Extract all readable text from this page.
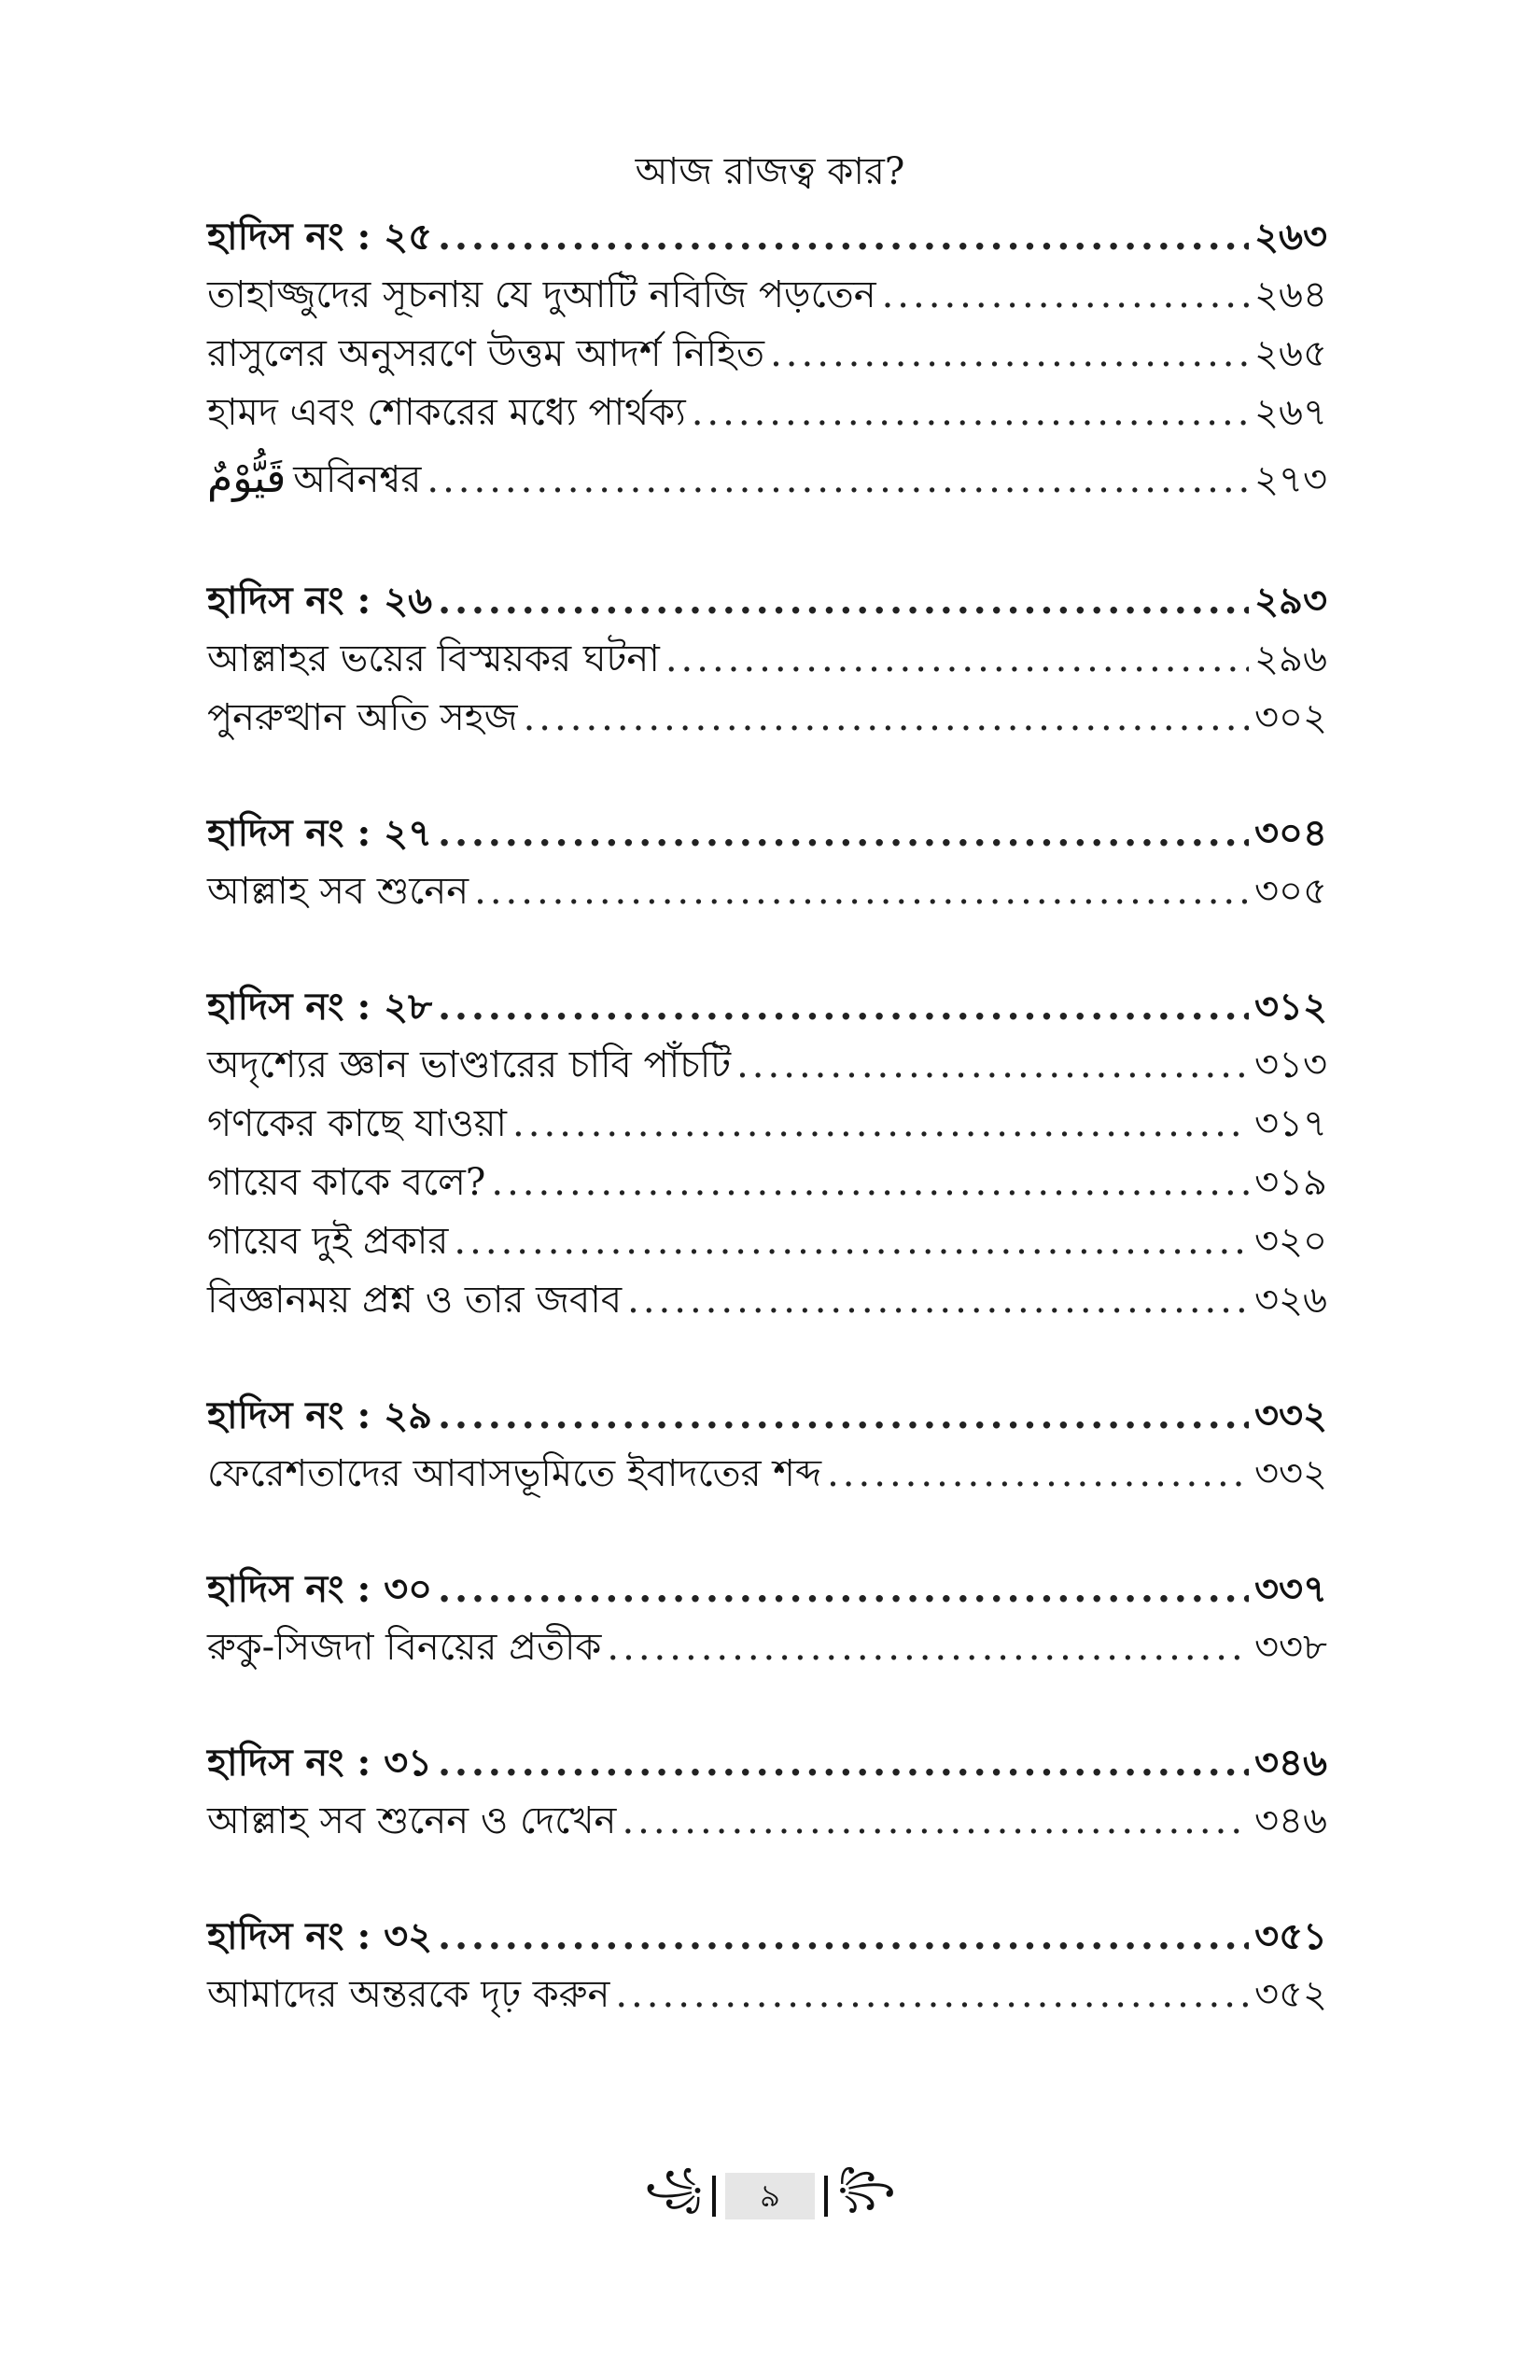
আজ রাজত্ব কার?
হাদিস নং : ২৫ .....	২৬৩
তাহাজ্জুদের সূচনায় যে দুআটি নবিজি পড়তেন .....	২৬৪
রাসুলের অনুসরণে উত্তম আদর্শ নিহিত .....	২৬৫
হামদ এবং শোকরের মধ্যে পার্থক্য .....	২৬৭
قَيُّوْمٌ অবিনশ্বর .....	২৭৩
হাদিস নং : ২৬ .....	২৯৩
আল্লাহর ভয়ের বিস্ময়কর ঘটনা .....	২৯৬
পুনরুত্থান অতি সহজ .....	৩০২
হাদিস নং : ২৭ .....	৩০৪
আল্লাহ সব শুনেন .....	৩০৫
হাদিস নং : ২৮ .....	৩১২
অদৃশ্যের জ্ঞান ভাণ্ডারের চাবি পাঁচটি .....	৩১৩
গণকের কাছে যাওয়া .....	৩১৭
গায়েব কাকে বলে? .....	৩১৯
গায়েব দুই প্রকার .....	৩২০
বিজ্ঞানময় প্রশ্ন ও তার জবাব .....	৩২৬
হাদিস নং : ২৯ .....	৩৩২
ফেরেশতাদের আবাসভূমিতে ইবাদতের শব্দ .....	৩৩২
হাদিস নং : ৩০ .....	৩৩৭
রুকু-সিজদা বিনয়ের প্রতীক .....	৩৩৮
হাদিস নং : ৩১ .....	৩৪৬
আল্লাহ সব শুনেন ও দেখেন .....	৩৪৬
হাদিস নং : ৩২ .....	৩৫১
আমাদের অন্তরকে দৃঢ় করুন .....	৩৫২
꧁	৯	꧂
